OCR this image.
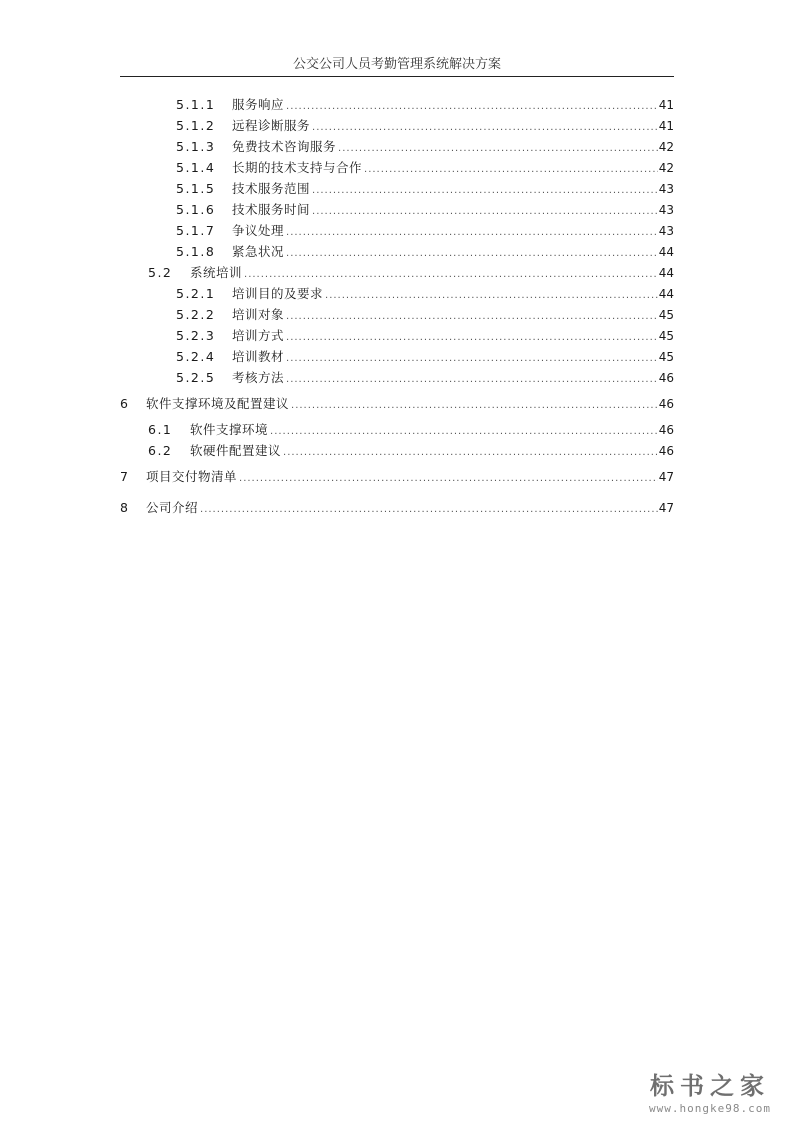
公交公司人员考勤管理系统解决方案
5.1.1	服务响应 .....	41
5.1.2	远程诊断服务 .....	41
5.1.3	免费技术咨询服务 .....	42
5.1.4	长期的技术支持与合作 .....	42
5.1.5	技术服务范围 .....	43
5.1.6	技术服务时间 .....	43
5.1.7	争议处理 .....	43
5.1.8	紧急状况 .....	44
5.2	系统培训 .....	44
5.2.1	培训目的及要求 .....	44
5.2.2	培训对象 .....	45
5.2.3	培训方式 .....	45
5.2.4	培训教材 .....	45
5.2.5	考核方法 .....	46
6	软件支撑环境及配置建议 .....	46
6.1	软件支撑环境 .....	46
6.2	软硬件配置建议 .....	46
7	项目交付物清单 .....	47
8	公司介绍 .....	47
标书之家
www.hongke98.com
